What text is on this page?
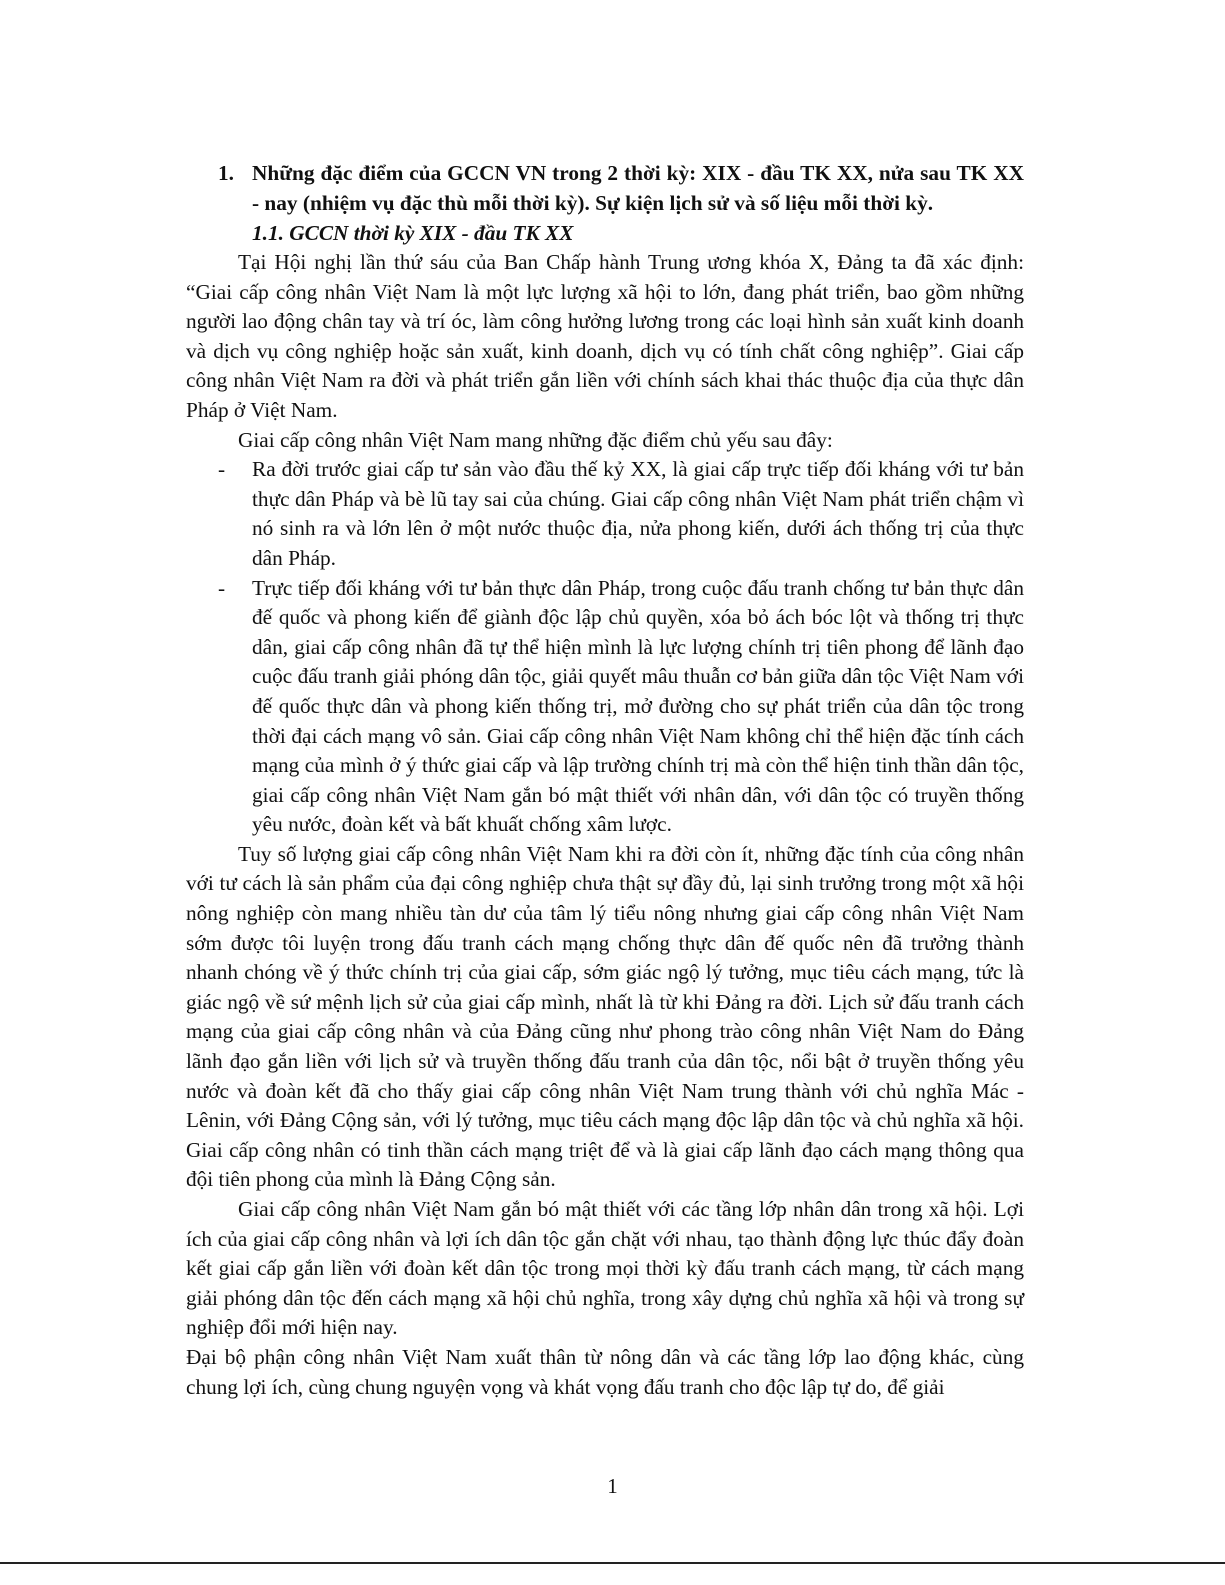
1. Những đặc điểm của GCCN VN trong 2 thời kỳ: XIX - đầu TK XX, nửa sau TK XX - nay (nhiệm vụ đặc thù mỗi thời kỳ). Sự kiện lịch sử và số liệu mỗi thời kỳ.
1.1. GCCN thời kỳ XIX - đầu TK XX

Tại Hội nghị lần thứ sáu của Ban Chấp hành Trung ương khóa X, Đảng ta đã xác định: “Giai cấp công nhân Việt Nam là một lực lượng xã hội to lớn, đang phát triển, bao gồm những người lao động chân tay và trí óc, làm công hưởng lương trong các loại hình sản xuất kinh doanh và dịch vụ công nghiệp hoặc sản xuất, kinh doanh, dịch vụ có tính chất công nghiệp”. Giai cấp công nhân Việt Nam ra đời và phát triển gắn liền với chính sách khai thác thuộc địa của thực dân Pháp ở Việt Nam.

Giai cấp công nhân Việt Nam mang những đặc điểm chủ yếu sau đây:

- Ra đời trước giai cấp tư sản vào đầu thế kỷ XX, là giai cấp trực tiếp đối kháng với tư bản thực dân Pháp và bè lũ tay sai của chúng. Giai cấp công nhân Việt Nam phát triển chậm vì nó sinh ra và lớn lên ở một nước thuộc địa, nửa phong kiến, dưới ách thống trị của thực dân Pháp.
- Trực tiếp đối kháng với tư bản thực dân Pháp, trong cuộc đấu tranh chống tư bản thực dân đế quốc và phong kiến để giành độc lập chủ quyền, xóa bỏ ách bóc lột và thống trị thực dân, giai cấp công nhân đã tự thể hiện mình là lực lượng chính trị tiên phong để lãnh đạo cuộc đấu tranh giải phóng dân tộc, giải quyết mâu thuẫn cơ bản giữa dân tộc Việt Nam với đế quốc thực dân và phong kiến thống trị, mở đường cho sự phát triển của dân tộc trong thời đại cách mạng vô sản. Giai cấp công nhân Việt Nam không chỉ thể hiện đặc tính cách mạng của mình ở ý thức giai cấp và lập trường chính trị mà còn thể hiện tinh thần dân tộc, giai cấp công nhân Việt Nam gắn bó mật thiết với nhân dân, với dân tộc có truyền thống yêu nước, đoàn kết và bất khuất chống xâm lược.

Tuy số lượng giai cấp công nhân Việt Nam khi ra đời còn ít, những đặc tính của công nhân với tư cách là sản phẩm của đại công nghiệp chưa thật sự đầy đủ, lại sinh trưởng trong một xã hội nông nghiệp còn mang nhiều tàn dư của tâm lý tiểu nông nhưng giai cấp công nhân Việt Nam sớm được tôi luyện trong đấu tranh cách mạng chống thực dân đế quốc nên đã trưởng thành nhanh chóng về ý thức chính trị của giai cấp, sớm giác ngộ lý tưởng, mục tiêu cách mạng, tức là giác ngộ về sứ mệnh lịch sử của giai cấp mình, nhất là từ khi Đảng ra đời. Lịch sử đấu tranh cách mạng của giai cấp công nhân và của Đảng cũng như phong trào công nhân Việt Nam do Đảng lãnh đạo gắn liền với lịch sử và truyền thống đấu tranh của dân tộc, nổi bật ở truyền thống yêu nước và đoàn kết đã cho thấy giai cấp công nhân Việt Nam trung thành với chủ nghĩa Mác - Lênin, với Đảng Cộng sản, với lý tưởng, mục tiêu cách mạng độc lập dân tộc và chủ nghĩa xã hội. Giai cấp công nhân có tinh thần cách mạng triệt để và là giai cấp lãnh đạo cách mạng thông qua đội tiên phong của mình là Đảng Cộng sản.

Giai cấp công nhân Việt Nam gắn bó mật thiết với các tầng lớp nhân dân trong xã hội. Lợi ích của giai cấp công nhân và lợi ích dân tộc gắn chặt với nhau, tạo thành động lực thúc đẩy đoàn kết giai cấp gắn liền với đoàn kết dân tộc trong mọi thời kỳ đấu tranh cách mạng, từ cách mạng giải phóng dân tộc đến cách mạng xã hội chủ nghĩa, trong xây dựng chủ nghĩa xã hội và trong sự nghiệp đổi mới hiện nay.

Đại bộ phận công nhân Việt Nam xuất thân từ nông dân và các tầng lớp lao động khác, cùng chung lợi ích, cùng chung nguyện vọng và khát vọng đấu tranh cho độc lập tự do, để giải

1
